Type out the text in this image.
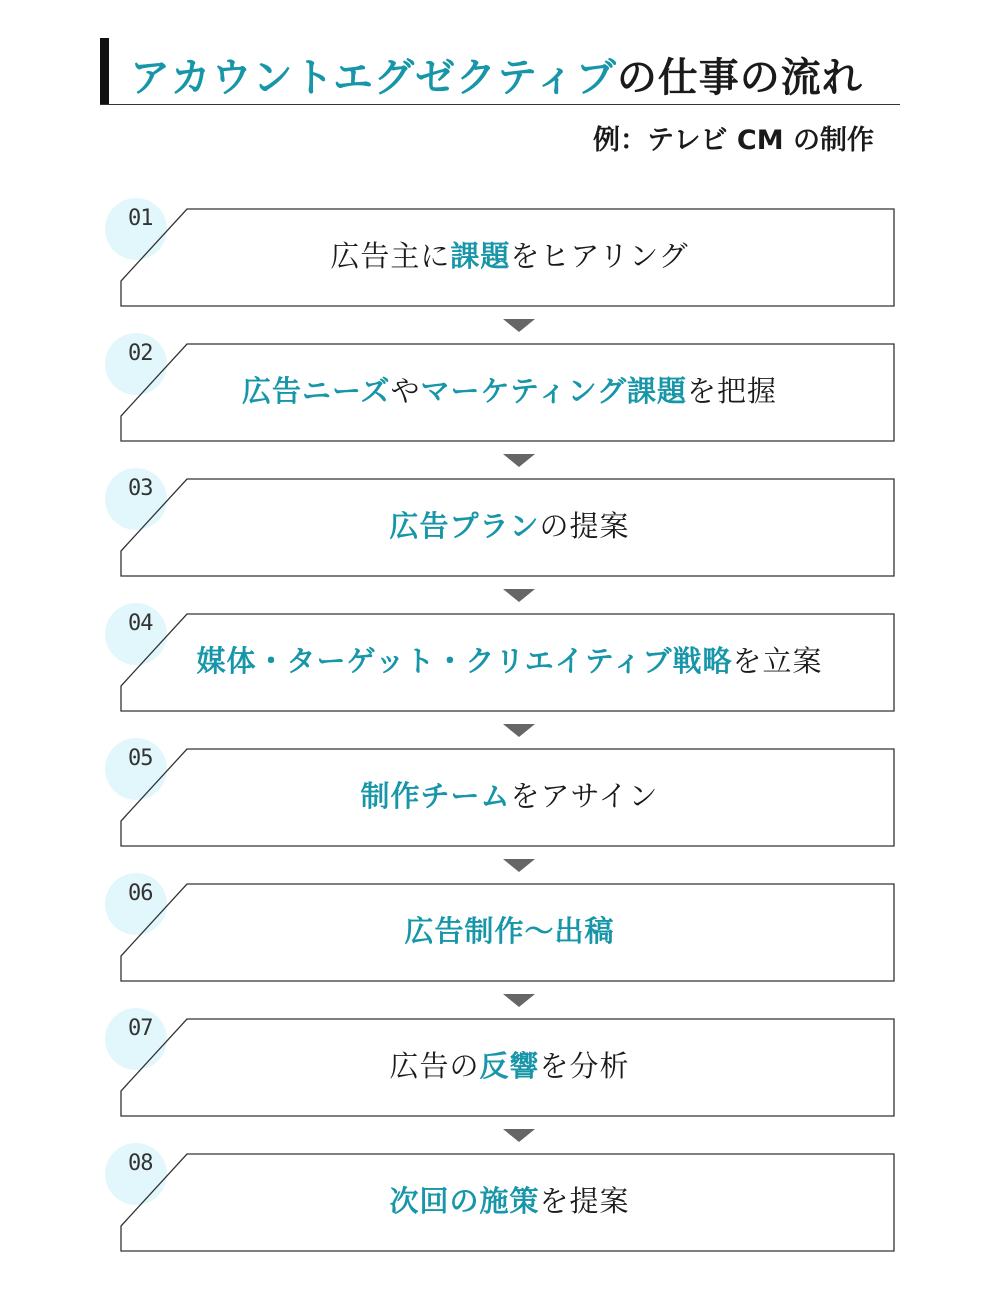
アカウントエグゼクティブの仕事の流れ
例：テレビ CM の制作
01
広告主に課題をヒアリング
02
広告ニーズやマーケティング課題を把握
03
広告プランの提案
04
媒体・ターゲット・クリエイティブ戦略を立案
05
制作チームをアサイン
06
広告制作～出稿
07
広告の反響を分析
08
次回の施策を提案
